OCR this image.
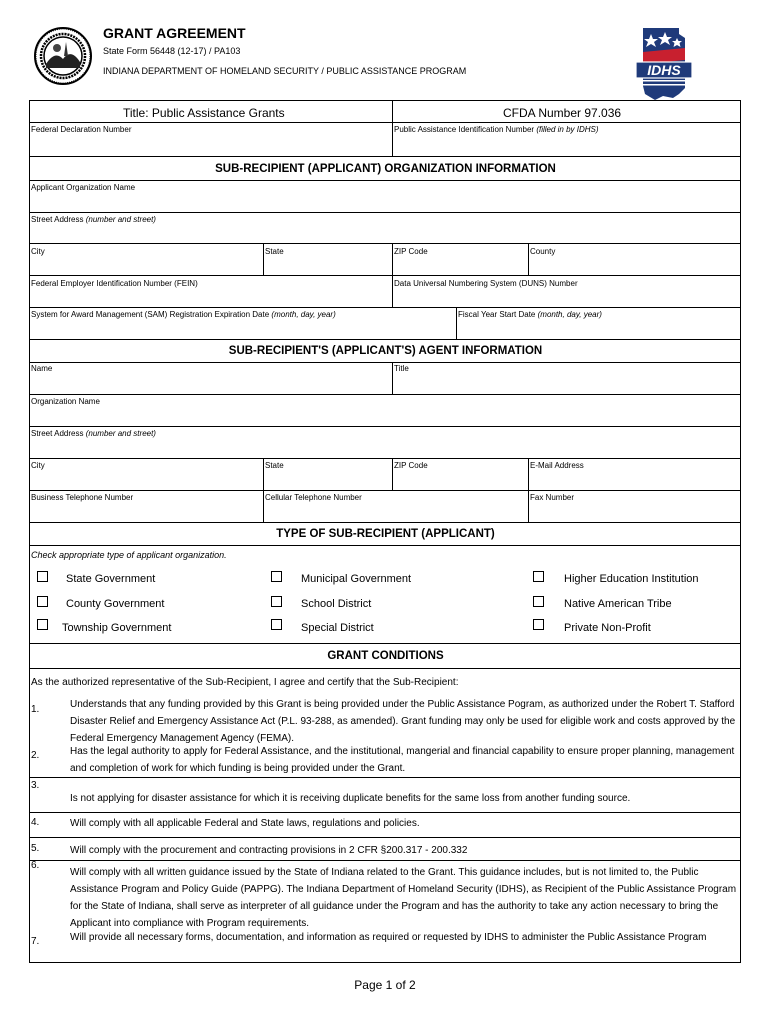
GRANT AGREEMENT
State Form 56448 (12-17) / PA103
INDIANA DEPARTMENT OF HOMELAND SECURITY / PUBLIC ASSISTANCE PROGRAM	IDHS
Title: Public Assistance Grants	CFDA Number 97.036
Federal Declaration Number	Public Assistance Identification Number (filled in by IDHS)
SUB-RECIPIENT (APPLICANT) ORGANIZATION INFORMATION
Applicant Organization Name
Street Address (number and street)
City	State	ZIP Code	County
Federal Employer Identification Number (FEIN)	Data Universal Numbering System (DUNS) Number
System for Award Management (SAM) Registration Expiration Date (month, day, year)	Fiscal Year Start Date (month, day, year)
SUB-RECIPIENT'S (APPLICANT'S) AGENT INFORMATION
Name	Title
Organization Name
Street Address (number and street)
City	State	ZIP Code	E-Mail Address
Business Telephone Number	Cellular Telephone Number	Fax Number
TYPE OF SUB-RECIPIENT (APPLICANT)
Check appropriate type of applicant organization.
State Government	Municipal Government	Higher Education Institution
County Government	School District	Native American Tribe
Township Government	Special District	Private Non-Profit
GRANT CONDITIONS
As the authorized representative of the Sub-Recipient, I agree and certify that the Sub-Recipient:
1.	Understands that any funding provided by this Grant is being provided under the Public Assistance Pogram, as authorized under the Robert T. Stafford Disaster Relief and Emergency Assistance Act (P.L. 93-288, as amended). Grant funding may only be used for eligible work and costs approved by the Federal Emergency Management Agency (FEMA).
2.	Has the legal authority to apply for Federal Assistance, and the institutional, mangerial and financial capability to ensure proper planning, management and completion of work for which funding is being provided under the Grant.
3.
Is not applying for disaster assistance for which it is receiving duplicate benefits for the same loss from another funding source.
4.	Will comply with all applicable Federal and State laws, regulations and policies.
5.	Will comply with the procurement and contracting provisions in 2 CFR §200.317 - 200.332
6.
Will comply with all written guidance issued by the State of Indiana related to the Grant. This guidance includes, but is not limited to, the Public Assistance Program and Policy Guide (PAPPG). The Indiana Department of Homeland Security (IDHS), as Recipient of the Public Assistance Program for the State of Indiana, shall serve as interpreter of all guidance under the Program and has the authority to take any action necessary to bring the Applicant into compliance with Program requirements.
7.	Will provide all necessary forms, documentation, and information as required or requested by IDHS to administer the Public Assistance Program
Page 1 of 2
